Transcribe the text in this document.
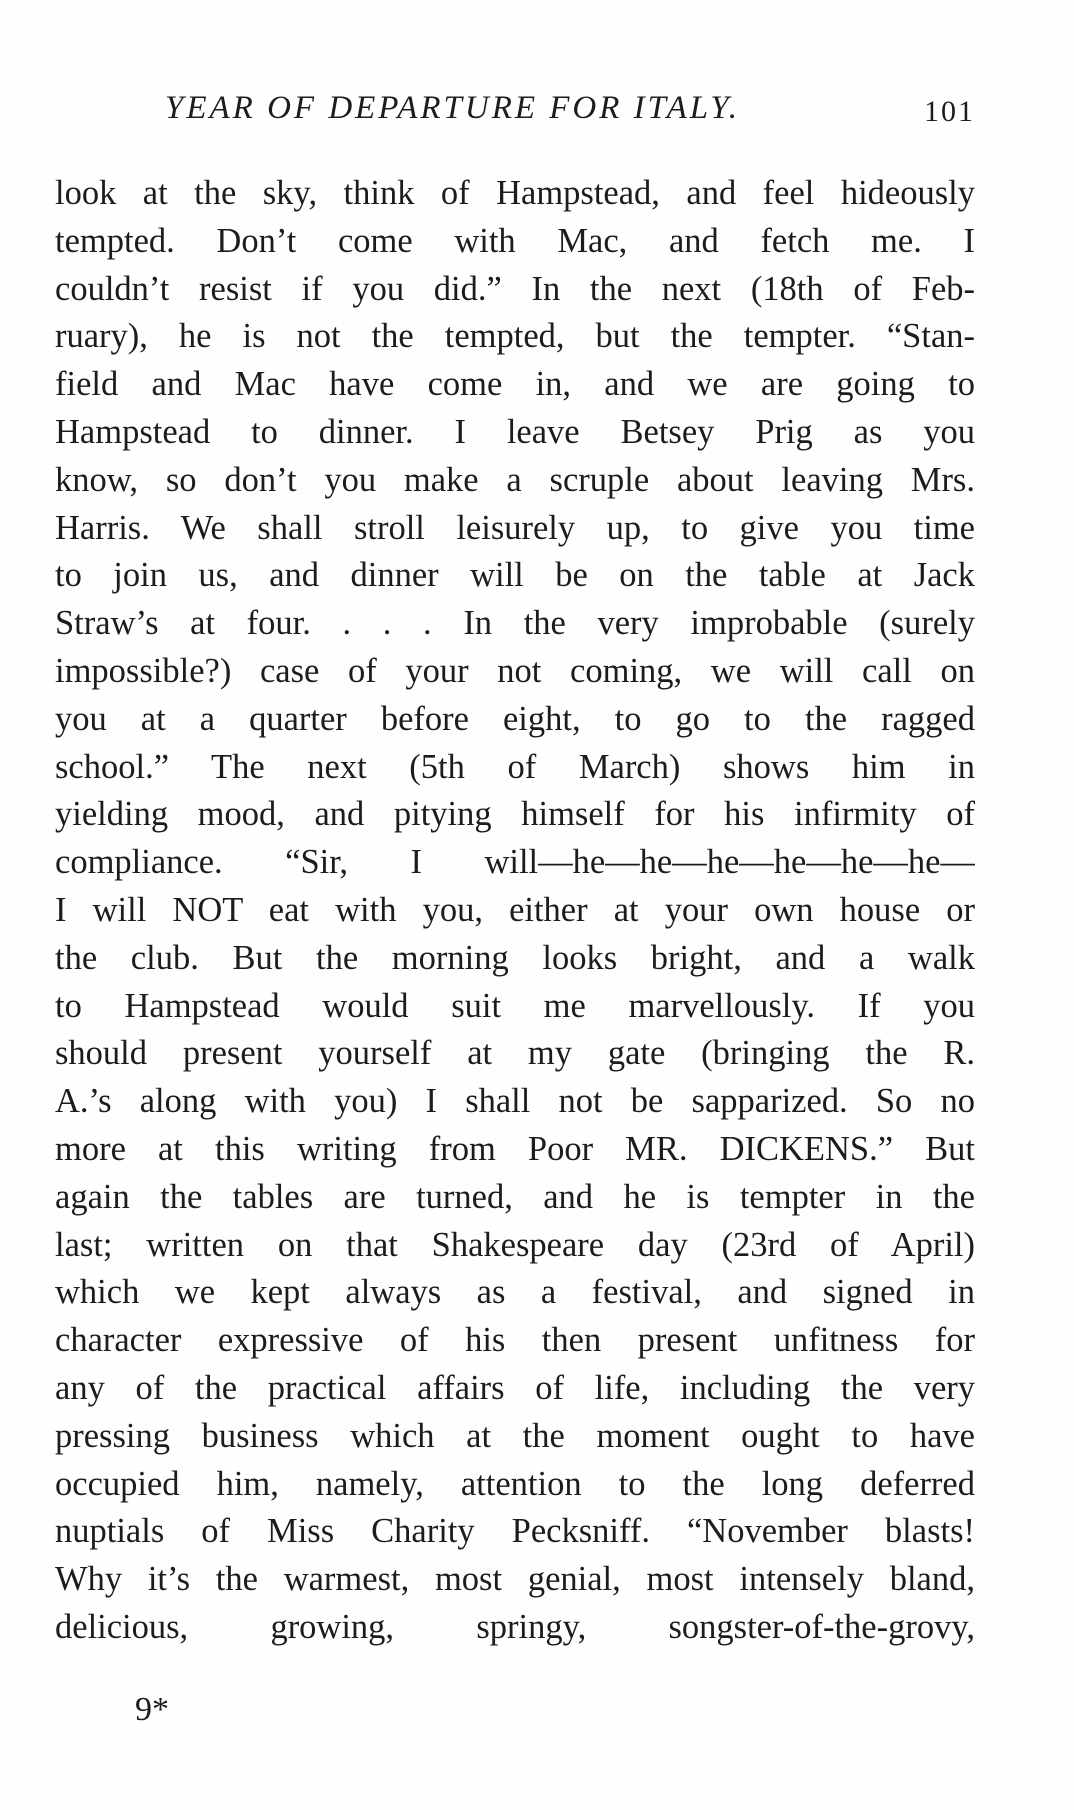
YEAR OF DEPARTURE FOR ITALY.	101
look at the sky, think of Hampstead, and feel hideously
tempted. Don’t come with Mac, and fetch me. I
couldn’t resist if you did.” In the next (18th of Feb-
ruary), he is not the tempted, but the tempter. “Stan-
field and Mac have come in, and we are going to
Hampstead to dinner. I leave Betsey Prig as you
know, so don’t you make a scruple about leaving Mrs.
Harris. We shall stroll leisurely up, to give you time
to join us, and dinner will be on the table at Jack
Straw’s at four. . . . In the very improbable (surely
impossible?) case of your not coming, we will call on
you at a quarter before eight, to go to the ragged
school.” The next (5th of March) shows him in
yielding mood, and pitying himself for his infirmity of
compliance. “Sir, I will—he—he—he—he—he—he—
I will NOT eat with you, either at your own house or
the club. But the morning looks bright, and a walk
to Hampstead would suit me marvellously. If you
should present yourself at my gate (bringing the R.
A.’s along with you) I shall not be sapparized. So no
more at this writing from Poor MR. DICKENS.” But
again the tables are turned, and he is tempter in the
last; written on that Shakespeare day (23rd of April)
which we kept always as a festival, and signed in
character expressive of his then present unfitness for
any of the practical affairs of life, including the very
pressing business which at the moment ought to have
occupied him, namely, attention to the long deferred
nuptials of Miss Charity Pecksniff. “November blasts!
Why it’s the warmest, most genial, most intensely bland,
delicious, growing, springy, songster-of-the-grovy,
9*
